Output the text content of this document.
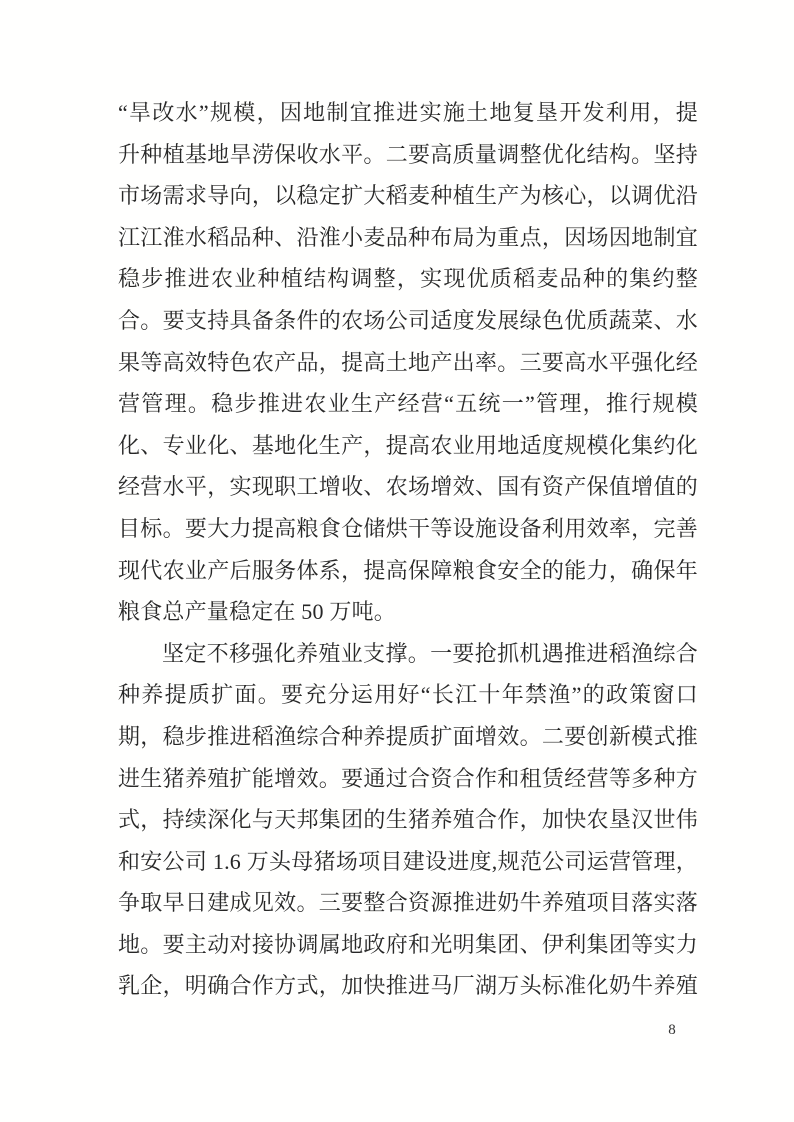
“旱改水”规模，因地制宜推进实施土地复垦开发利用，提
升种植基地旱涝保收水平。二要高质量调整优化结构。坚持
市场需求导向，以稳定扩大稻麦种植生产为核心，以调优沿
江江淮水稻品种、沿淮小麦品种布局为重点，因场因地制宜
稳步推进农业种植结构调整，实现优质稻麦品种的集约整
合。要支持具备条件的农场公司适度发展绿色优质蔬菜、水
果等高效特色农产品，提高土地产出率。三要高水平强化经
营管理。稳步推进农业生产经营“五统一”管理，推行规模
化、专业化、基地化生产，提高农业用地适度规模化集约化
经营水平，实现职工增收、农场增效、国有资产保值增值的
目标。要大力提高粮食仓储烘干等设施设备利用效率，完善
现代农业产后服务体系，提高保障粮食安全的能力，确保年
粮食总产量稳定在 50 万吨。
坚定不移强化养殖业支撑。一要抢抓机遇推进稻渔综合
种养提质扩面。要充分运用好“长江十年禁渔”的政策窗口
期，稳步推进稻渔综合种养提质扩面增效。二要创新模式推
进生猪养殖扩能增效。要通过合资合作和租赁经营等多种方
式，持续深化与天邦集团的生猪养殖合作，加快农垦汉世伟
和安公司 1.6 万头母猪场项目建设进度,规范公司运营管理，
争取早日建成见效。三要整合资源推进奶牛养殖项目落实落
地。要主动对接协调属地政府和光明集团、伊利集团等实力
乳企，明确合作方式，加快推进马厂湖万头标准化奶牛养殖
8
